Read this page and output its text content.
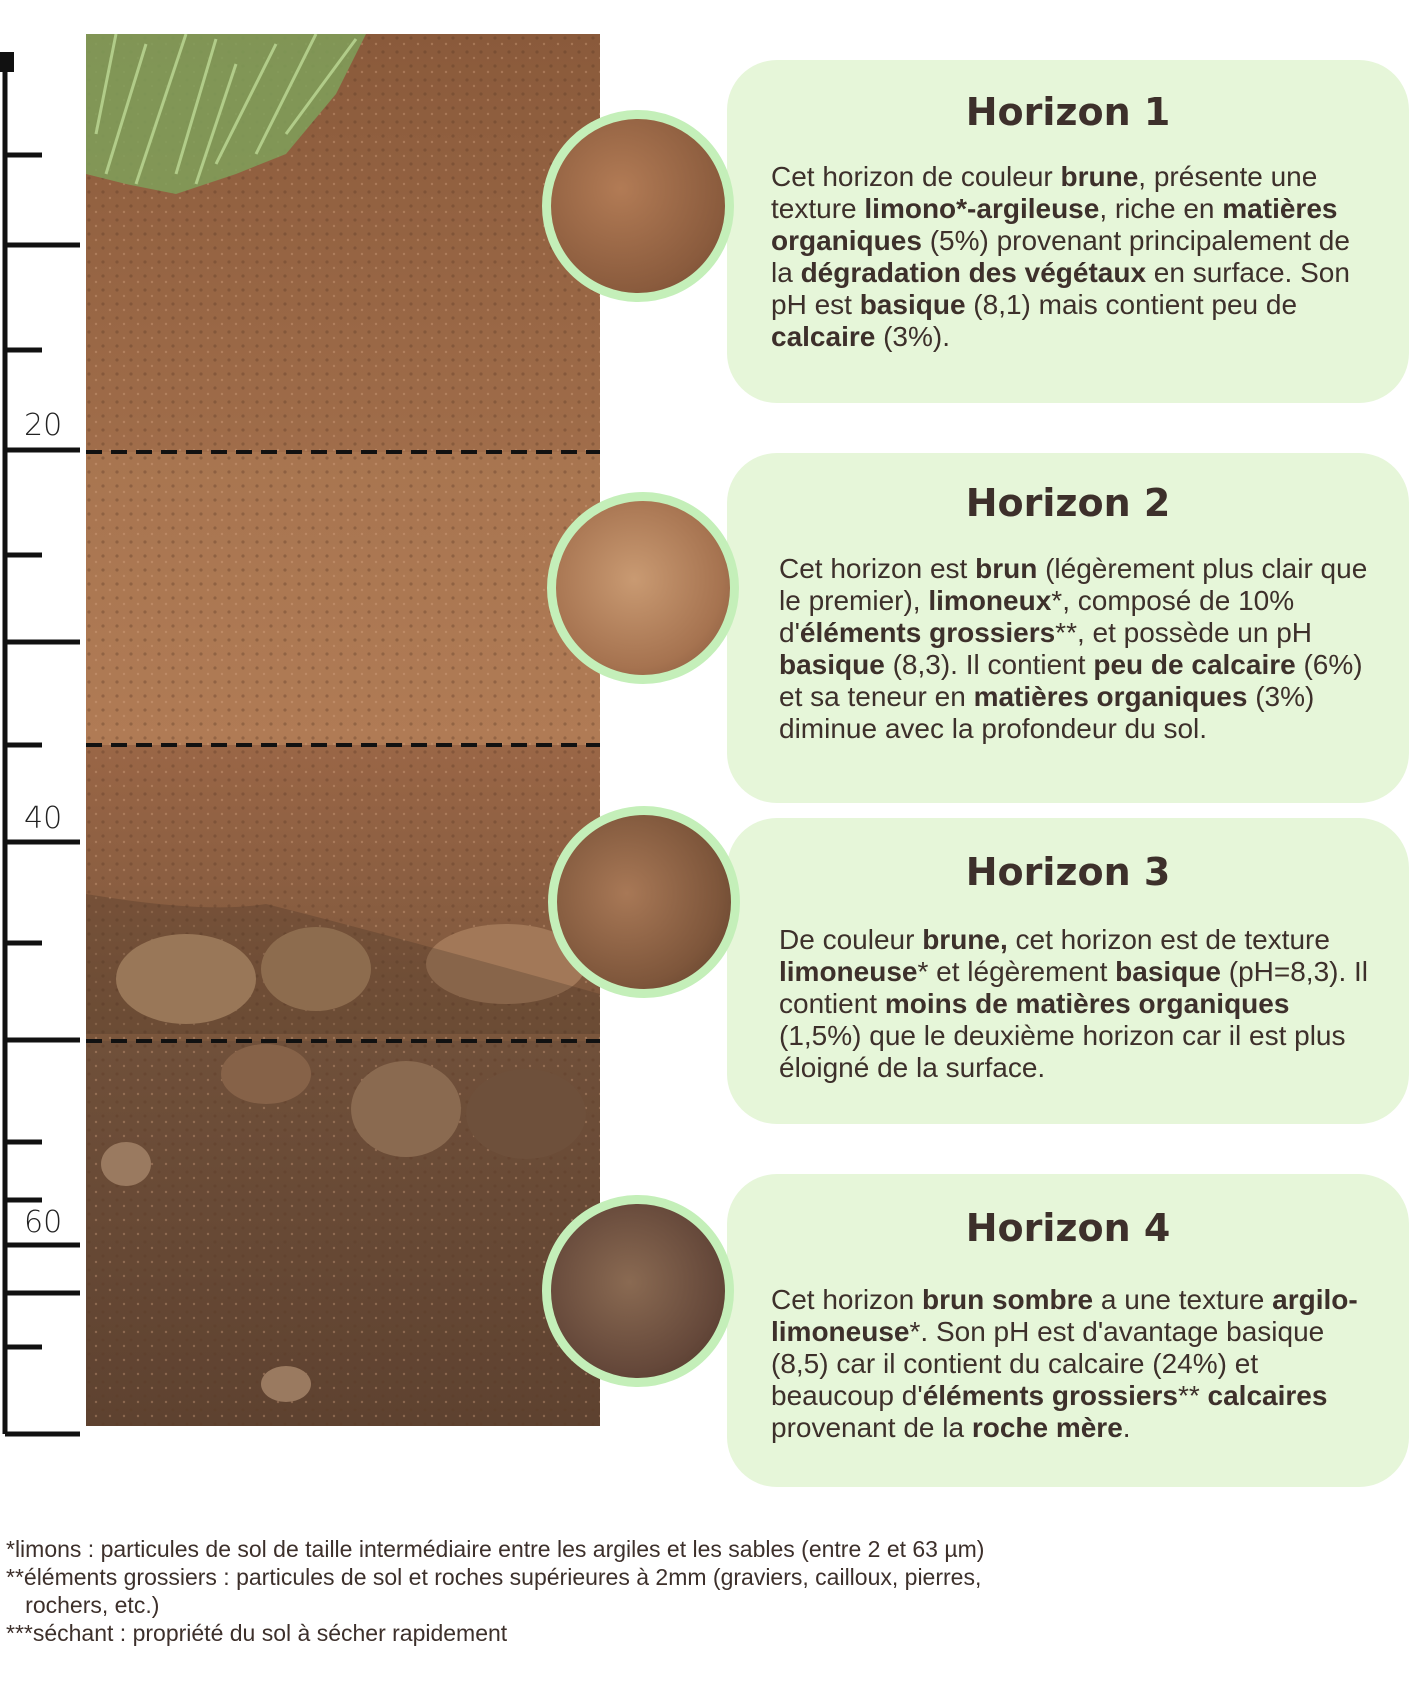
20
40
60
Horizon 1

Cet horizon de couleur brune, présente une texture limono*-argileuse, riche en matières organiques (5%) provenant principalement de la dégradation des végétaux en surface. Son pH est basique (8,1) mais contient peu de calcaire (3%).

Horizon 2

Cet horizon est brun (légèrement plus clair que le premier), limoneux*, composé de 10% d'éléments grossiers**, et possède un pH basique (8,3). Il contient peu de calcaire (6%) et sa teneur en matières organiques (3%) diminue avec la profondeur du sol.

Horizon 3

De couleur brune, cet horizon est de texture limoneuse* et légèrement basique (pH=8,3). Il contient moins de matières organiques (1,5%) que le deuxième horizon car il est plus éloigné de la surface.

Horizon 4

Cet horizon brun sombre a une texture argilo-limoneuse*. Son pH est d'avantage basique (8,5) car il contient du calcaire (24%) et beaucoup d'éléments grossiers** calcaires provenant de la roche mère.

*limons : particules de sol de taille intermédiaire entre les argiles et les sables (entre 2 et 63 µm)
**éléments grossiers : particules de sol et roches supérieures à 2mm (graviers, cailloux, pierres,
rochers, etc.)
***séchant : propriété du sol à sécher rapidement
